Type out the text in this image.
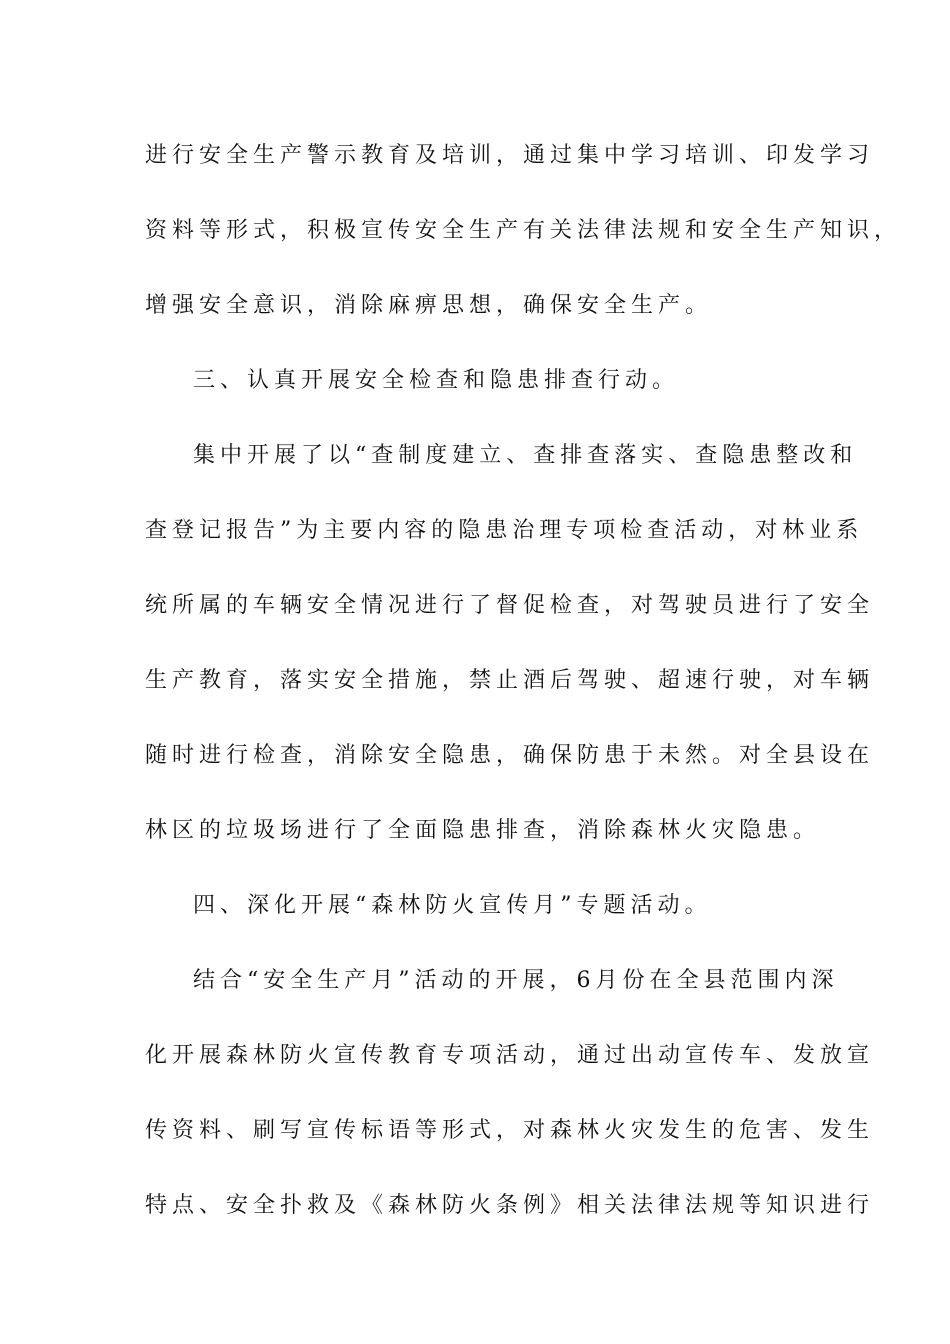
进行安全生产警示教育及培训，通过集中学习培训、印发学习
资料等形式，积极宣传安全生产有关法律法规和安全生产知识，
增强安全意识，消除麻痹思想，确保安全生产。
三、认真开展安全检查和隐患排查行动。
集中开展了以“查制度建立、查排查落实、查隐患整改和
查登记报告”为主要内容的隐患治理专项检查活动，对林业系
统所属的车辆安全情况进行了督促检查，对驾驶员进行了安全
生产教育，落实安全措施，禁止酒后驾驶、超速行驶，对车辆
随时进行检查，消除安全隐患，确保防患于未然。对全县设在
林区的垃圾场进行了全面隐患排查，消除森林火灾隐患。
四、深化开展“森林防火宣传月”专题活动。
结合“安全生产月”活动的开展，6月份在全县范围内深
化开展森林防火宣传教育专项活动，通过出动宣传车、发放宣
传资料、刷写宣传标语等形式，对森林火灾发生的危害、发生
特点、安全扑救及《森林防火条例》相关法律法规等知识进行
